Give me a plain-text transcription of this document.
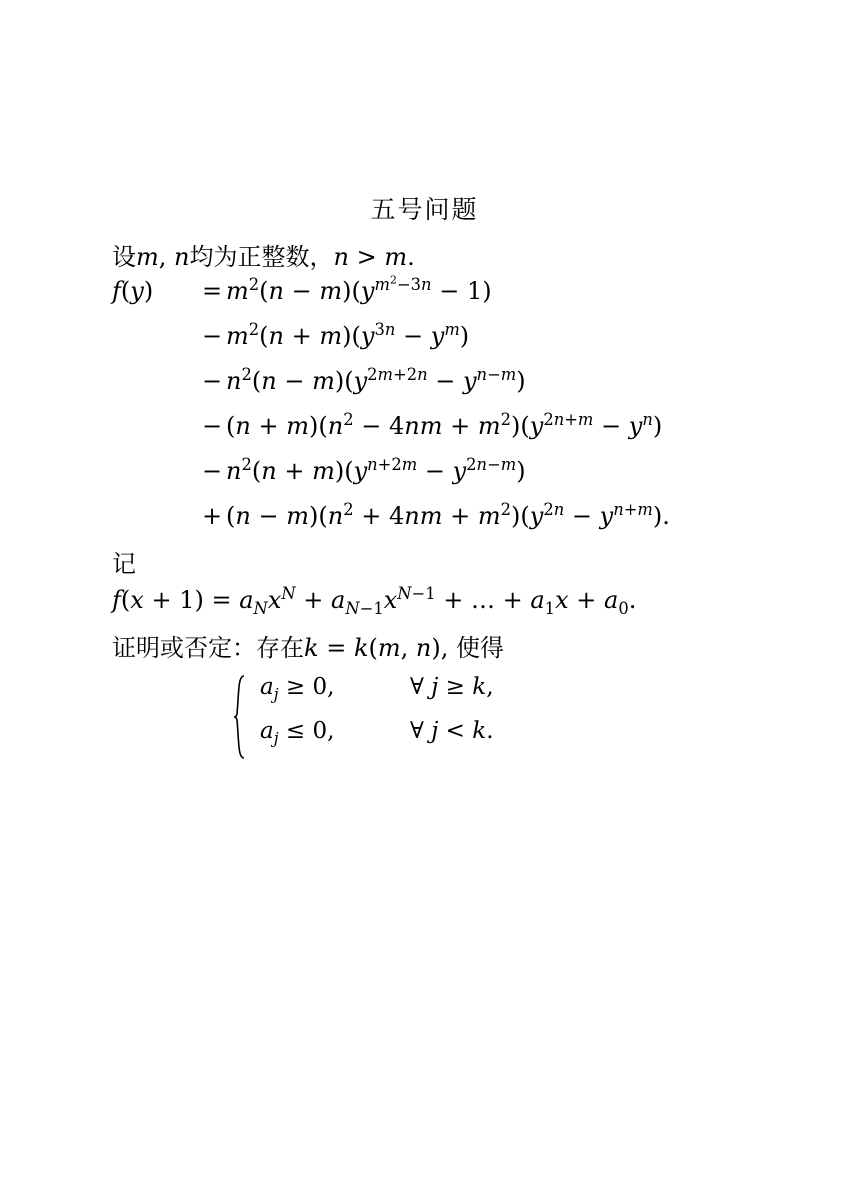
五号问题
设m, n均为正整数，n > m.
f(y)	= $m^2(n - m)(y^{m^2-3n} - 1)$
− $m^2(n + m)(y^{3n} - y^m)$
− $n^2(n - m)(y^{2m+2n} - y^{n-m})$
− $(n + m)(n^2 - 4nm + m^2)(y^{2n+m} - y^n)$
− $n^2(n + m)(y^{n+2m} - y^{2n-m})$
+ $(n - m)(n^2 + 4nm + m^2)(y^{2n} - y^{n+m})$.
记
$f(x + 1) = a_Nx^N + a_{N-1}x^{N-1}$ + … + $a_1x + a_0$.
证明或否定：存在k = k(m, n), 使得
$a_j \ge 0$,	∀ j ≥ k,
$a_j \le 0$,	∀ j < k.
